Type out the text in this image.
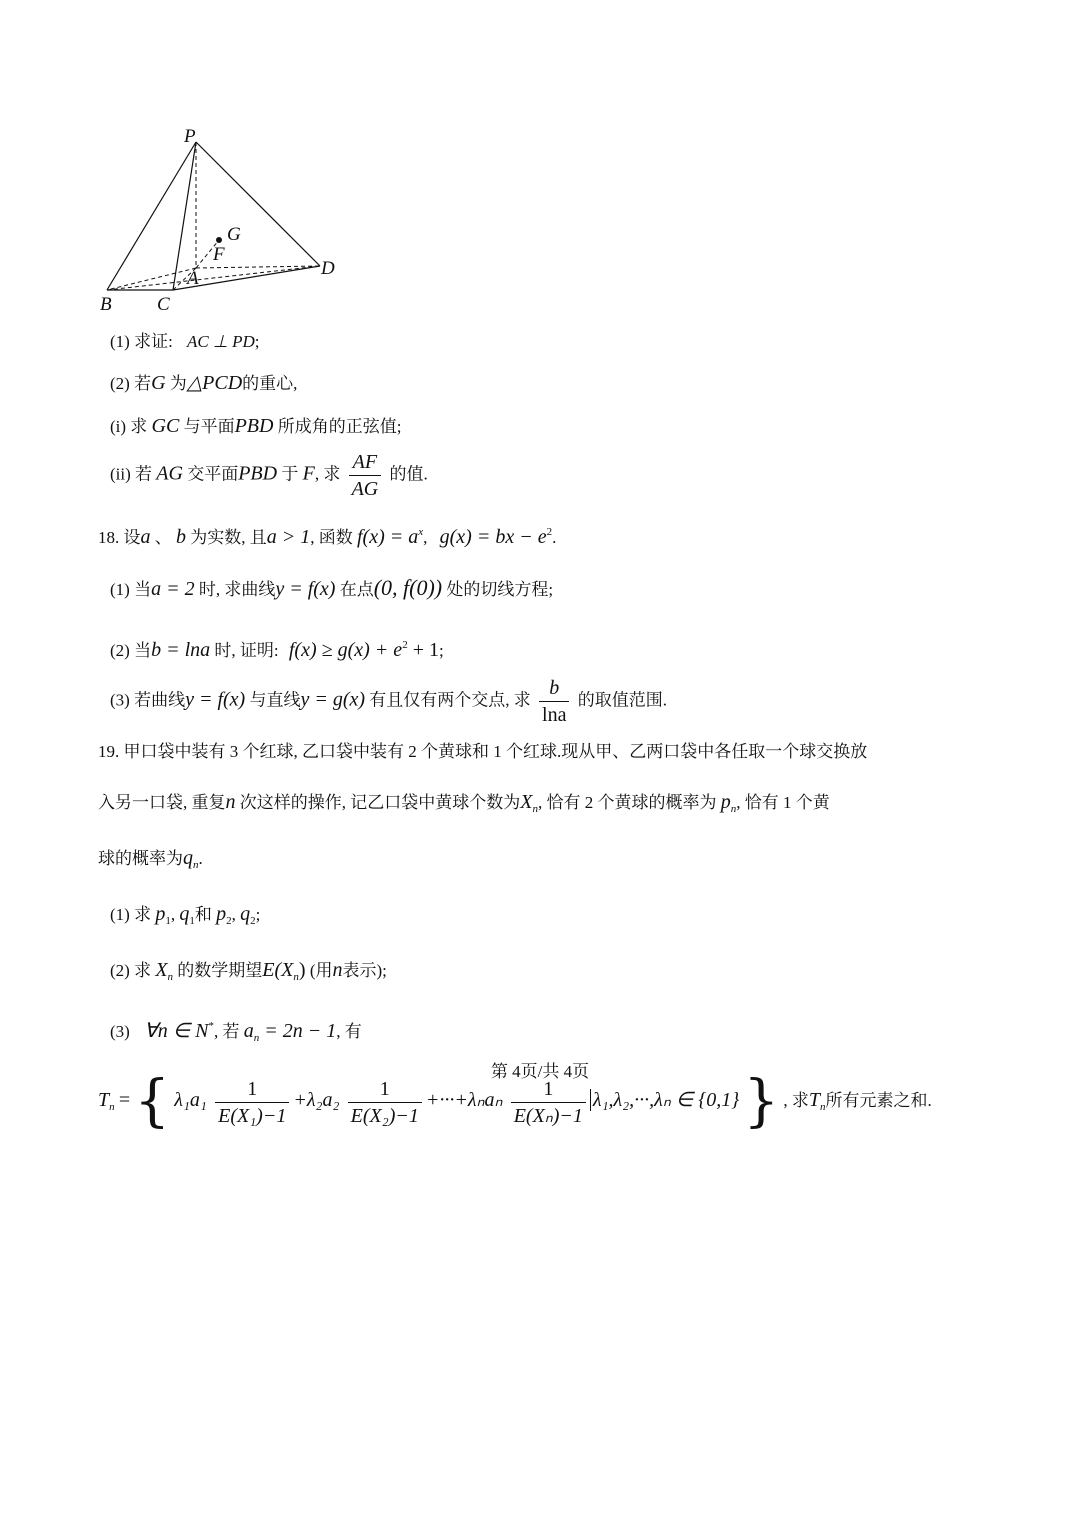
P
G
F
A
B C
D
(1) 求证: AC ⊥ PD;
(2) 若G 为△PCD的重心,
(i) 求 GC 与平面PBD 所成角的正弦值;
(ii) 若 AG 交平面PBD 于 F, 求 $\frac{AF}{AG}$ 的值.
18. 设a 、 b 为实数, 且a > 1, 函数 $f(x) = a^x$, g(x) = bx − $e^2$.
(1) 当a = 2 时, 求曲线y = f(x) 在点(0, f(0)) 处的切线方程;
(2) 当b = lna 时, 证明: $f(x) \ge g(x) + e^2 + 1$;
(3) 若曲线y = f(x) 与直线y = g(x) 有且仅有两个交点, 求 $\frac{b}{\ln a}$ 的取值范围.
19. 甲口袋中装有 3 个红球, 乙口袋中装有 2 个黄球和 1 个红球.现从甲、乙两口袋中各任取一个球交换放
入另一口袋, 重复n 次这样的操作, 记乙口袋中黄球个数为$X_n$, 恰有 2 个黄球的概率为 $p_n$, 恰有 1 个黄
球的概率为$q_n$.
(1) 求 $p_1$, $q_1$和 $p_2$, $q_2$;
(2) 求 $X_n$ 的数学期望$E(X_n)$ (用n表示);
(3) ∀n ∈ N*, 若 $a_n = 2n - 1$, 有
$T_n$ = { $\lambda_1a_1 \frac{1}{\text{E(X₁)−1}} +\lambda_2a_2 \frac{1}{\text{E(X₂)−1}} +\cdot\cdot\cdot+\lambda_na_n \frac{1}{\text{E(Xₙ)−1}} \lambda_1,\lambda_2,\cdot\cdot\cdot,\lambda_n$ ∈ {0,1} } , 求$T_n$所有元素之和.
第 4页/共 4页
